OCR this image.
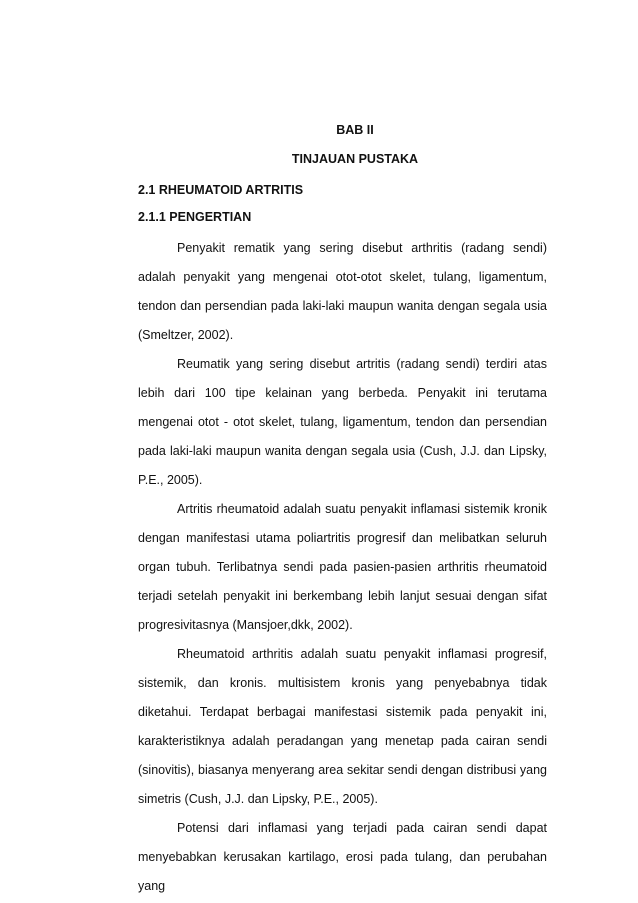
BAB II
TINJAUAN PUSTAKA
2.1 RHEUMATOID ARTRITIS
2.1.1 PENGERTIAN

Penyakit rematik yang sering disebut arthritis (radang sendi) adalah penyakit yang mengenai otot-otot skelet, tulang, ligamentum, tendon dan persendian pada laki-laki maupun wanita dengan segala usia (Smeltzer, 2002).

Reumatik yang sering disebut artritis (radang sendi) terdiri atas lebih dari 100 tipe kelainan yang berbeda. Penyakit ini terutama mengenai otot - otot skelet, tulang, ligamentum, tendon dan persendian pada laki-laki maupun wanita dengan segala usia (Cush, J.J. dan Lipsky, P.E., 2005).

Artritis rheumatoid adalah suatu penyakit inflamasi sistemik kronik dengan manifestasi utama poliartritis progresif dan melibatkan seluruh organ tubuh. Terlibatnya sendi pada pasien-pasien arthritis rheumatoid terjadi setelah penyakit ini berkembang lebih lanjut sesuai dengan sifat progresivitasnya (Mansjoer,dkk, 2002).

Rheumatoid arthritis adalah suatu penyakit inflamasi progresif, sistemik, dan kronis. multisistem kronis yang penyebabnya tidak diketahui. Terdapat berbagai manifestasi sistemik pada penyakit ini, karakteristiknya adalah peradangan yang menetap pada cairan sendi (sinovitis), biasanya menyerang area sekitar sendi dengan distribusi yang simetris (Cush, J.J. dan Lipsky, P.E., 2005).

Potensi dari inflamasi yang terjadi pada cairan sendi dapat menyebabkan kerusakan kartilago, erosi pada tulang, dan perubahan yang
